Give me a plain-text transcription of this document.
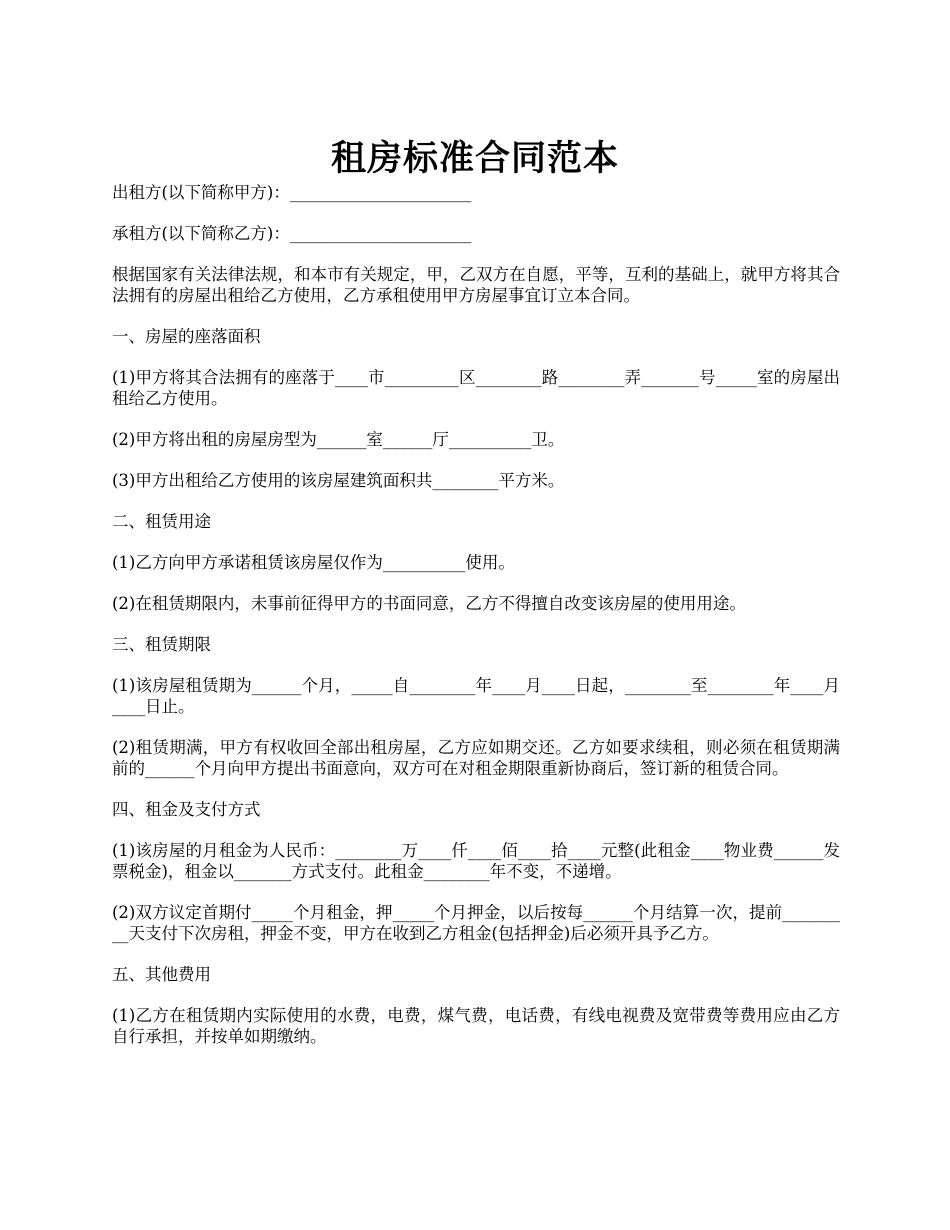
租房标准合同范本

出租方(以下简称甲方)：______________________

承租方(以下简称乙方)：______________________

根据国家有关法律法规，和本市有关规定，甲，乙双方在自愿，平等，互利的基础上，就甲方将其合法拥有的房屋出租给乙方使用，乙方承租使用甲方房屋事宜订立本合同。

一、房屋的座落面积

(1)甲方将其合法拥有的座落于____市_________区________路________弄_______号_____室的房屋出租给乙方使用。

(2)甲方将出租的房屋房型为______室______厅__________卫。

(3)甲方出租给乙方使用的该房屋建筑面积共________平方米。

二、租赁用途

(1)乙方向甲方承诺租赁该房屋仅作为__________使用。

(2)在租赁期限内，未事前征得甲方的书面同意，乙方不得擅自改变该房屋的使用用途。

三、租赁期限

(1)该房屋租赁期为______个月，_____自________年____月____日起，________至________年____月____日止。

(2)租赁期满，甲方有权收回全部出租房屋，乙方应如期交还。乙方如要求续租，则必须在租赁期满前的______个月向甲方提出书面意向，双方可在对租金期限重新协商后，签订新的租赁合同。

四、租金及支付方式

(1)该房屋的月租金为人民币：________万____仟____佰____拾____元整(此租金____物业费______发票税金)，租金以_______方式支付。此租金________年不变，不递增。

(2)双方议定首期付_____个月租金，押_____个月押金，以后按每______个月结算一次，提前_________天支付下次房租，押金不变，甲方在收到乙方租金(包括押金)后必须开具予乙方。

五、其他费用

(1)乙方在租赁期内实际使用的水费，电费，煤气费，电话费，有线电视费及宽带费等费用应由乙方自行承担，并按单如期缴纳。
